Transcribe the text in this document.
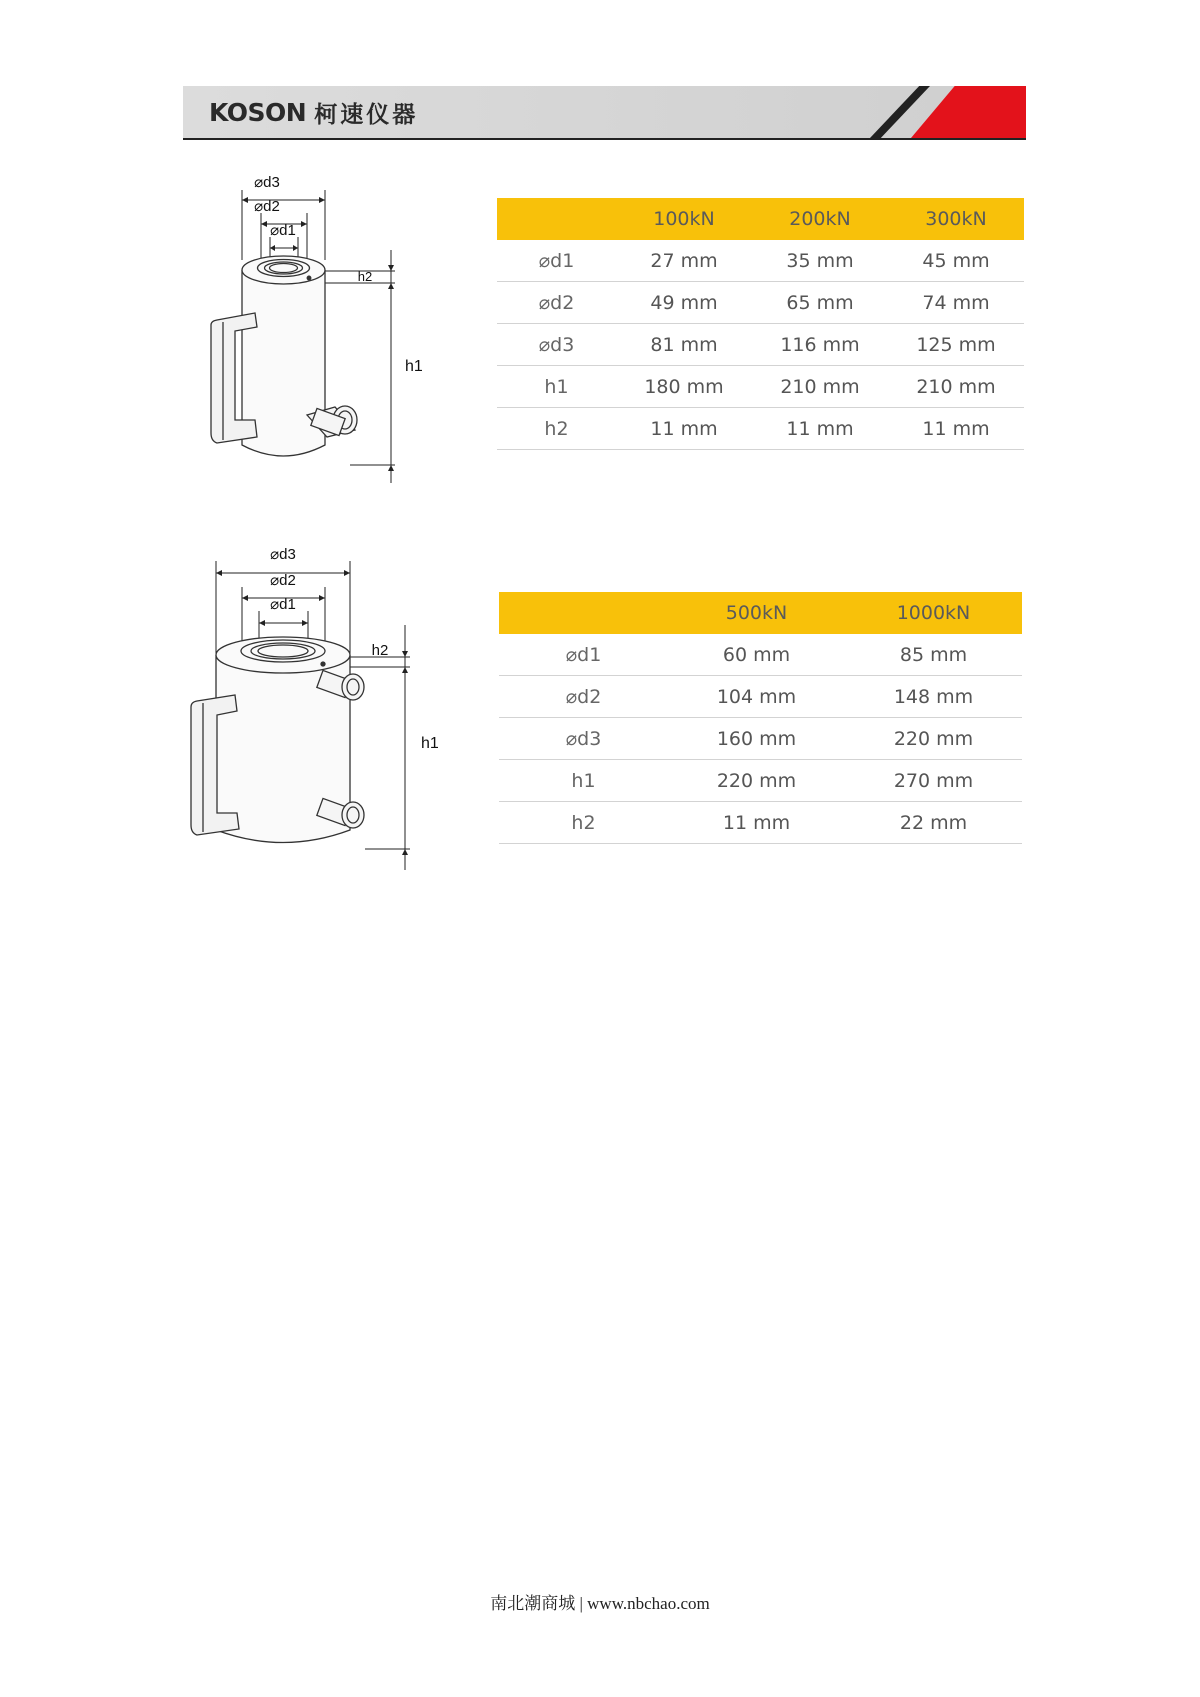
KOSON 柯速仪器
⌀d3
⌀d2
⌀d1
h2
h1
	100kN	200kN	300kN
⌀d1	27 mm	35 mm	45 mm
⌀d2	49 mm	65 mm	74 mm
⌀d3	81 mm	116 mm	125 mm
h1	180 mm	210 mm	210 mm
h2	11 mm	11 mm	11 mm
⌀d3
⌀d2
⌀d1
h2
h1
	500kN	1000kN
⌀d1	60 mm	85 mm
⌀d2	104 mm	148 mm
⌀d3	160 mm	220 mm
h1	220 mm	270 mm
h2	11 mm	22 mm
南北潮商城 | www.nbchao.com
